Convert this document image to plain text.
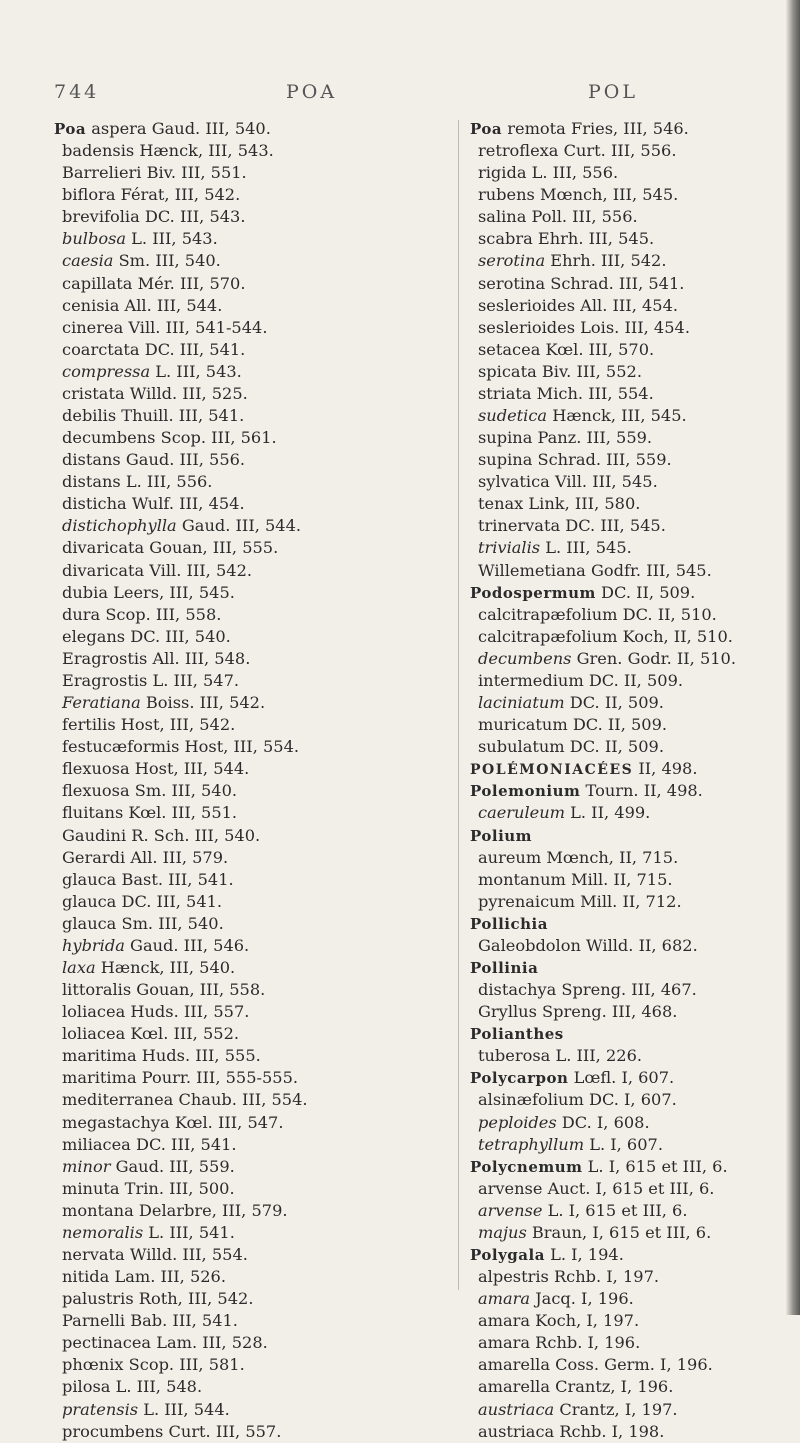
744	POA	POL
Poa aspera Gaud. III, 540.
badensis Hænck, III, 543.
Barrelieri Biv. III, 551.
biflora Férat, III, 542.
brevifolia DC. III, 543.
bulbosa L. III, 543.
caesia Sm. III, 540.
capillata Mér. III, 570.
cenisia All. III, 544.
cinerea Vill. III, 541-544.
coarctata DC. III, 541.
compressa L. III, 543.
cristata Willd. III, 525.
debilis Thuill. III, 541.
decumbens Scop. III, 561.
distans Gaud. III, 556.
distans L. III, 556.
disticha Wulf. III, 454.
distichophylla Gaud. III, 544.
divaricata Gouan, III, 555.
divaricata Vill. III, 542.
dubia Leers, III, 545.
dura Scop. III, 558.
elegans DC. III, 540.
Eragrostis All. III, 548.
Eragrostis L. III, 547.
Feratiana Boiss. III, 542.
fertilis Host, III, 542.
festucæformis Host, III, 554.
flexuosa Host, III, 544.
flexuosa Sm. III, 540.
fluitans Kœl. III, 551.
Gaudini R. Sch. III, 540.
Gerardi All. III, 579.
glauca Bast. III, 541.
glauca DC. III, 541.
glauca Sm. III, 540.
hybrida Gaud. III, 546.
laxa Hænck, III, 540.
littoralis Gouan, III, 558.
loliacea Huds. III, 557.
loliacea Kœl. III, 552.
maritima Huds. III, 555.
maritima Pourr. III, 555-555.
mediterranea Chaub. III, 554.
megastachya Kœl. III, 547.
miliacea DC. III, 541.
minor Gaud. III, 559.
minuta Trin. III, 500.
montana Delarbre, III, 579.
nemoralis L. III, 541.
nervata Willd. III, 554.
nitida Lam. III, 526.
palustris Roth, III, 542.
Parnelli Bab. III, 541.
pectinacea Lam. III, 528.
phœnix Scop. III, 581.
pilosa L. III, 548.
pratensis L. III, 544.
procumbens Curt. III, 557.
Poa remota Fries, III, 546.
retroflexa Curt. III, 556.
rigida L. III, 556.
rubens Mœnch, III, 545.
salina Poll. III, 556.
scabra Ehrh. III, 545.
serotina Ehrh. III, 542.
serotina Schrad. III, 541.
seslerioides All. III, 454.
seslerioides Lois. III, 454.
setacea Kœl. III, 570.
spicata Biv. III, 552.
striata Mich. III, 554.
sudetica Hænck, III, 545.
supina Panz. III, 559.
supina Schrad. III, 559.
sylvatica Vill. III, 545.
tenax Link, III, 580.
trinervata DC. III, 545.
trivialis L. III, 545.
Willemetiana Godfr. III, 545.
Podospermum DC. II, 509.
calcitrapæfolium DC. II, 510.
calcitrapæfolium Koch, II, 510.
decumbens Gren. Godr. II, 510.
intermedium DC. II, 509.
laciniatum DC. II, 509.
muricatum DC. II, 509.
subulatum DC. II, 509.
POLÉMONIACÉES II, 498.
Polemonium Tourn. II, 498.
caeruleum L. II, 499.
Polium
aureum Mœnch, II, 715.
montanum Mill. II, 715.
pyrenaicum Mill. II, 712.
Pollichia
Galeobdolon Willd. II, 682.
Pollinia
distachya Spreng. III, 467.
Gryllus Spreng. III, 468.
Polianthes
tuberosa L. III, 226.
Polycarpon Lœfl. I, 607.
alsinæfolium DC. I, 607.
peploides DC. I, 608.
tetraphyllum L. I, 607.
Polycnemum L. I, 615 et III, 6.
arvense Auct. I, 615 et III, 6.
arvense L. I, 615 et III, 6.
majus Braun, I, 615 et III, 6.
Polygala L. I, 194.
alpestris Rchb. I, 197.
amara Jacq. I, 196.
amara Koch, I, 197.
amara Rchb. I, 196.
amarella Coss. Germ. I, 196.
amarella Crantz, I, 196.
austriaca Crantz, I, 197.
austriaca Rchb. I, 198.
